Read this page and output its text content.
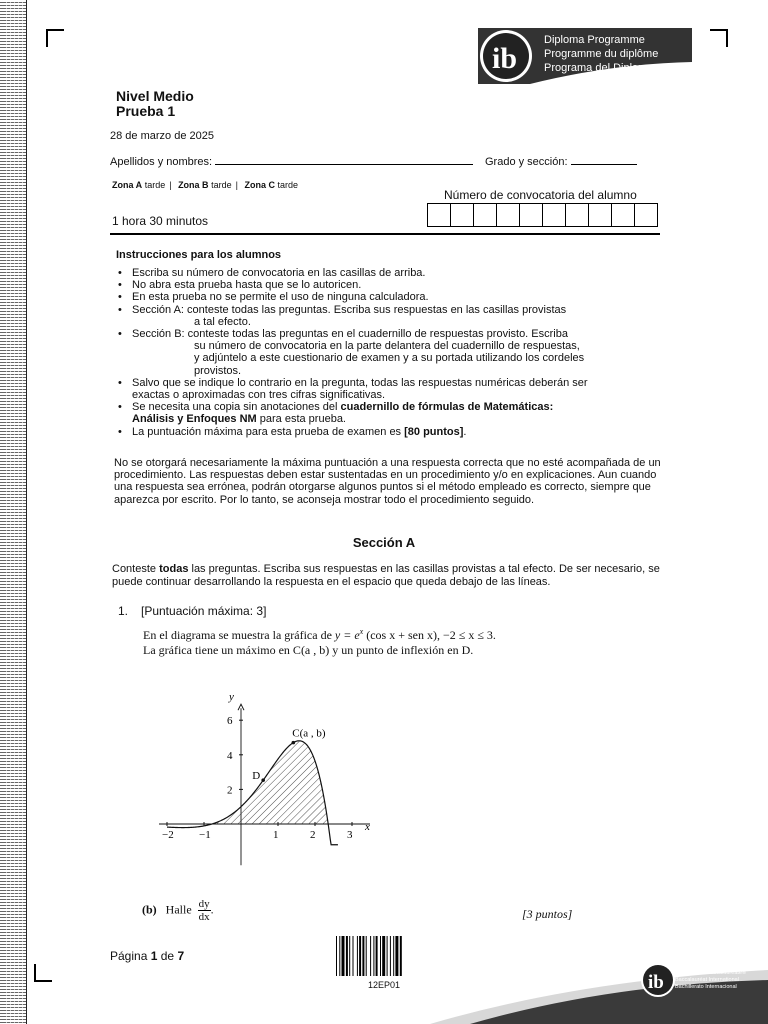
ib
Diploma Programme
Programme du diplôme
Programa del Diploma
Nivel Medio
Prueba 1
28 de marzo de 2025
Apellidos y nombres:	Grado y sección:
Zona A tarde | Zona B tarde | Zona C tarde
Número de convocatoria del alumno
1 hora 30 minutos
Instrucciones para los alumnos
• Escriba su número de convocatoria en las casillas de arriba.
• No abra esta prueba hasta que se lo autoricen.
• En esta prueba no se permite el uso de ninguna calculadora.
• Sección A: conteste todas las preguntas. Escriba sus respuestas en las casillas provistas
a tal efecto.
• Sección B: conteste todas las preguntas en el cuadernillo de respuestas provisto. Escriba
su número de convocatoria en la parte delantera del cuadernillo de respuestas,
y adjúntelo a este cuestionario de examen y a su portada utilizando los cordeles
provistos.
• Salvo que se indique lo contrario en la pregunta, todas las respuestas numéricas deberán ser
exactas o aproximadas con tres cifras significativas.
• Se necesita una copia sin anotaciones del cuadernillo de fórmulas de Matemáticas:
Análisis y Enfoques NM para esta prueba.
• La puntuación máxima para esta prueba de examen es [80 puntos].
No se otorgará necesariamente la máxima puntuación a una respuesta correcta que no esté acompañada de un procedimiento. Las respuestas deben estar sustentadas en un procedimiento y/o en explicaciones. Aun cuando una respuesta sea errónea, podrán otorgarse algunos puntos si el método empleado es correcto, siempre que aparezca por escrito. Por lo tanto, se aconseja mostrar todo el procedimiento seguido.
Sección A
Conteste todas las preguntas. Escriba sus respuestas en las casillas provistas a tal efecto. De ser necesario, se puede continuar desarrollando la respuesta en el espacio que queda debajo de las líneas.
1. [Puntuación máxima: 3]
En el diagrama se muestra la gráfica de $y = e^x$ (cos x + sen x), −2 ≤ x ≤ 3.
La gráfica tiene un máximo en C(a , b) y un punto de inflexión en D.
−2 −1	1	2	3
2
4
6
x
y
C(a , b)
D
(b) Halle $\frac{dy}{dx}$ .	[3 puntos]
Página 1 de 7
12EP01	ib International Baccalaureate®
Baccalauréat International
Bachillerato Internacional
